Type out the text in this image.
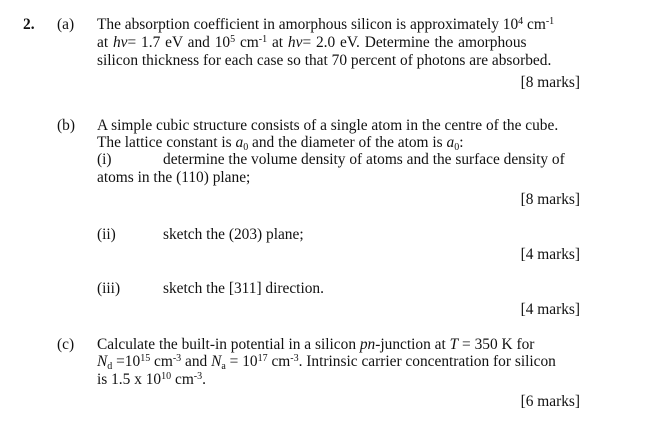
2. (a) The absorption coefficient in amorphous silicon is approximately $10^4$ $cm^{-1}$
at hv= 1.7 eV and $10^5$ $cm^{-1}$ at hv= 2.0 eV. Determine the amorphous
silicon thickness for each case so that 70 percent of photons are absorbed.
[8 marks]
(b) A simple cubic structure consists of a single atom in the centre of the cube.
The lattice constant is $a_0$ and the diameter of the atom is $a_0$:
(i)	determine the volume density of atoms and the surface density of
atoms in the (110) plane;
[8 marks]
(ii)	sketch the (203) plane;
[4 marks]
(iii)	sketch the [311] direction.
[4 marks]
(c) Calculate the built-in potential in a silicon pn-junction at T = 350 K for
$N_d =10^{15}$ $cm^{-3}$ and $N_a = 10^{17}$ $cm^{-3}$. Intrinsic carrier concentration for silicon
is 1.5 x $10^{10}$ $cm^{-3}$.
[6 marks]
